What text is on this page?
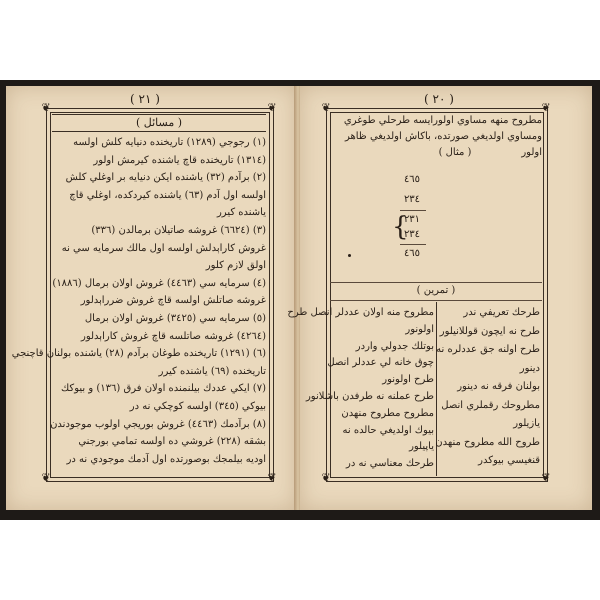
( ٢١ )
❦	❦
❦	❦
( مسائل )
(١) رجوجي (١٢٨٩) تاريخنده دنيايه كلش اولسه
(١٣١٤) تاريخنده قاچ ياشنده كيرمش اولور
(٢) برآدم (٣٢) ياشنده ايكن دنيايه بر اوغلي كلش
اولسه اول آدم (٦٣) ياشنده كيردكده، اوغلي قاچ
ياشنده كيرر
(٣) (٦٦٢٤) غروشه صاتيلان برمالدن (٣٣٦)
غروش كاراېدلش اولسه اول مالك سرمايه سي نه
اولق لازم كلور
(٤) سرمايه سي (٤٤٦٣) غروش اولان برمال (١٨٨٦)
غروشه صاتلش اولسه قاچ غروش ضرراېدلور
(٥) سرمايه سي (٣٤٢٥) غروش اولان برمال
(٤٢٦٤) غروشه صاتلسه قاچ غروش كاراېدلور
(٦) (١٢٩١) تاريخنده طوغان برآدم (٢٨) ياشنده بولنان قاچنجي
تاريخنده (٦٩) ياشنده كيرر
(٧) ايكي عددك بيلنمنده اولان فرق (١٣٦) و بيوكك
بيوكي (٣٤٥) اولسه كوچكي نه در
(٨) برآدمك (٤٤٦٣) غروش بوريجي اولوب موجودندن
بشقه (٢٢٨) غروشي ده اولسه تمامي بورجني
اوديه بيلمجك بوصورتده اول آدمك موجودي نه در
( ٢٠ )
❦	❦
❦	❦
مطروح منهه مساوي اولورايسه طرحلي طوغري
ومساوي اولديغي صورتده، باكاش اولديغي ظاهر
اولور
( مثال )
٤٦٥
٢٣٤
٢٣١
٢٣٤
{
٤٦٥
( تمرين )
طرحك تعريفي ندر
طرح نه ايچون قوللانيلور
طرح اولنه جق عددلره نه
دينور
بولنان فرقه نه دينور
مطروحك رقملري انصل
يازيلور
طروح الله مطروح منهدن
قنغيسي بيوكدر
مطروح منه اولان عددلر انصل طرح
اولونور
بوتلك جدولي واردر
چوق خانه لي عددلر انصل
طرح اولونور
طرح عملنه نه طرفدن باشلانور
مطروح مطروح منهدن
بيوك اولديغي حالده نه
ياپيلور
طرحك معناسي نه در
